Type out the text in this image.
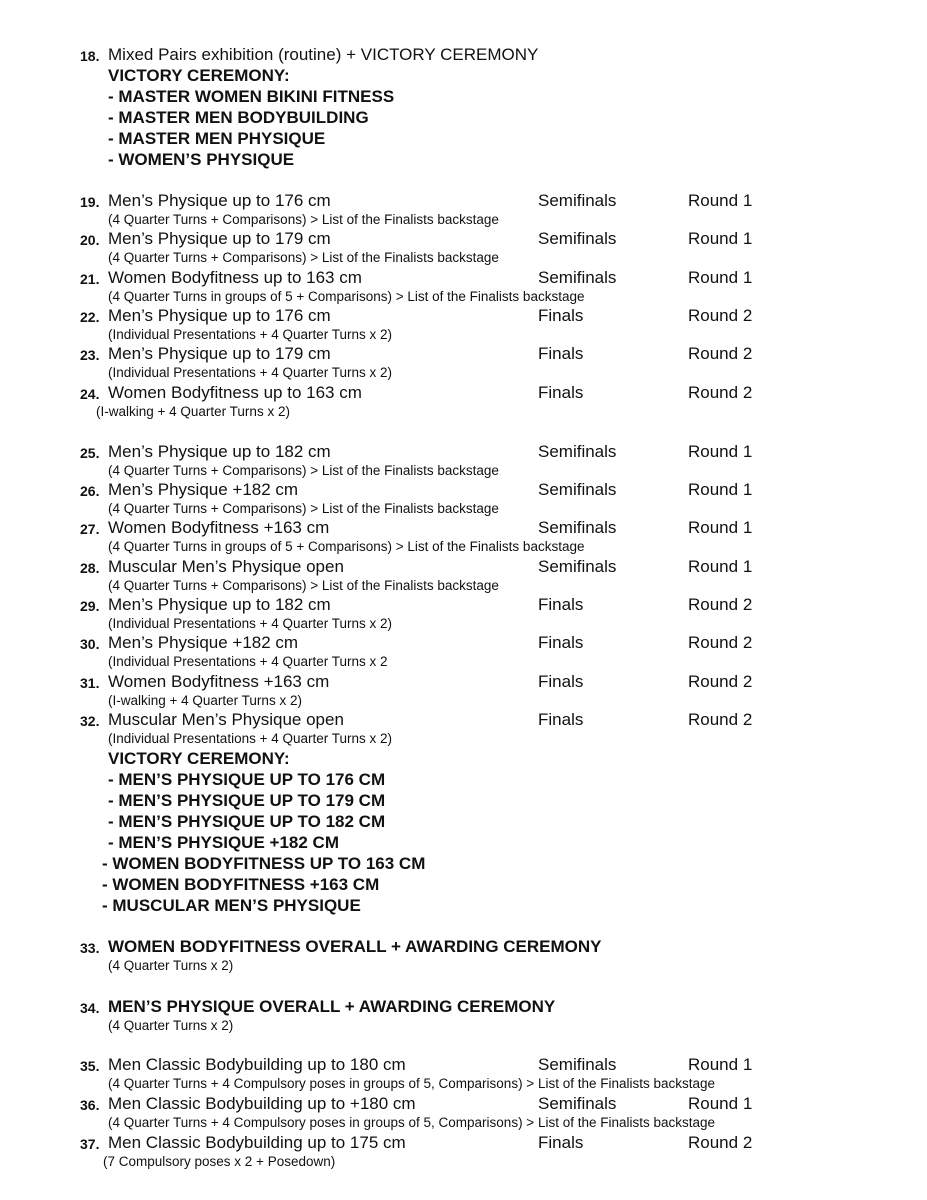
18. Mixed Pairs exhibition (routine) + VICTORY CEREMONY
VICTORY CEREMONY:
- MASTER WOMEN BIKINI FITNESS
- MASTER MEN BODYBUILDING
- MASTER MEN PHYSIQUE
- WOMEN’S PHYSIQUE
19. Men’s Physique up to 176 cm	Semifinals	Round 1
(4 Quarter Turns + Comparisons) > List of the Finalists backstage
20. Men’s Physique up to 179 cm	Semifinals	Round 1
(4 Quarter Turns + Comparisons) > List of the Finalists backstage
21. Women Bodyfitness up to 163 cm	Semifinals	Round 1
(4 Quarter Turns in groups of 5 + Comparisons) > List of the Finalists backstage
22. Men’s Physique up to 176 cm	Finals	Round 2
(Individual Presentations + 4 Quarter Turns x 2)
23. Men’s Physique up to 179 cm	Finals	Round 2
(Individual Presentations + 4 Quarter Turns x 2)
24. Women Bodyfitness up to 163 cm	Finals	Round 2
(I-walking + 4 Quarter Turns x 2)
25. Men’s Physique up to 182 cm	Semifinals	Round 1
(4 Quarter Turns + Comparisons) > List of the Finalists backstage
26. Men’s Physique +182 cm	Semifinals	Round 1
(4 Quarter Turns + Comparisons) > List of the Finalists backstage
27. Women Bodyfitness +163 cm	Semifinals	Round 1
(4 Quarter Turns in groups of 5 + Comparisons) > List of the Finalists backstage
28. Muscular Men’s Physique open	Semifinals	Round 1
(4 Quarter Turns + Comparisons) > List of the Finalists backstage
29. Men’s Physique up to 182 cm	Finals	Round 2
(Individual Presentations + 4 Quarter Turns x 2)
30. Men’s Physique +182 cm	Finals	Round 2
(Individual Presentations + 4 Quarter Turns x 2
31. Women Bodyfitness +163 cm	Finals	Round 2
(I-walking + 4 Quarter Turns x 2)
32. Muscular Men’s Physique open	Finals	Round 2
(Individual Presentations + 4 Quarter Turns x 2)
VICTORY CEREMONY:
- MEN’S PHYSIQUE UP TO 176 CM
- MEN’S PHYSIQUE UP TO 179 CM
- MEN’S PHYSIQUE UP TO 182 CM
- MEN’S PHYSIQUE +182 CM
- WOMEN BODYFITNESS UP TO 163 CM
- WOMEN BODYFITNESS +163 CM
- MUSCULAR MEN’S PHYSIQUE
33. WOMEN BODYFITNESS OVERALL + AWARDING CEREMONY
(4 Quarter Turns x 2)
34. MEN’S PHYSIQUE OVERALL + AWARDING CEREMONY
(4 Quarter Turns x 2)
35. Men Classic Bodybuilding up to 180 cm	Semifinals	Round 1
(4 Quarter Turns + 4 Compulsory poses in groups of 5, Comparisons) > List of the Finalists backstage
36. Men Classic Bodybuilding up to +180 cm	Semifinals	Round 1
(4 Quarter Turns + 4 Compulsory poses in groups of 5, Comparisons) > List of the Finalists backstage
37. Men Classic Bodybuilding up to 175 cm	Finals	Round 2
(7 Compulsory poses x 2 + Posedown)
